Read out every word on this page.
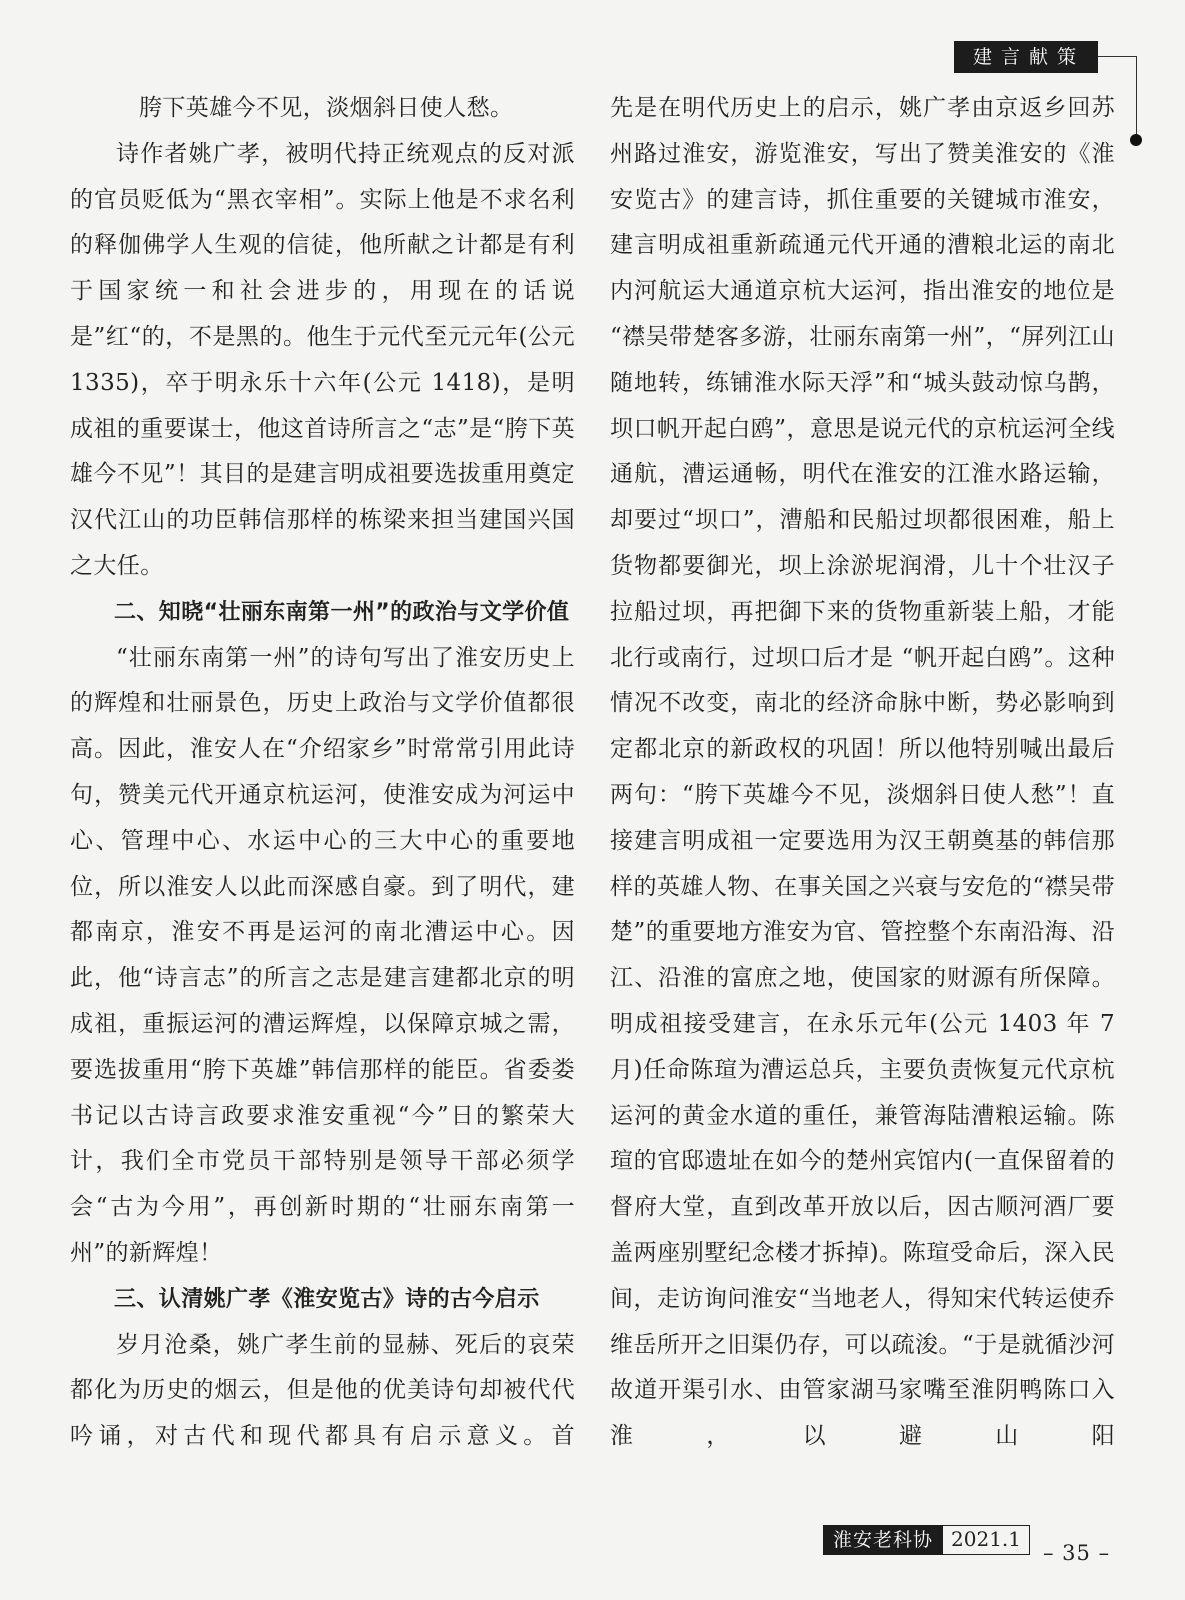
建言献策

胯下英雄今不见，淡烟斜日使人愁。

诗作者姚广孝，被明代持正统观点的反对派的官员贬低为“黑衣宰相”。实际上他是不求名利的释伽佛学人生观的信徒，他所献之计都是有利于国家统一和社会进步的，用现在的话说是”红“的，不是黑的。他生于元代至元元年(公元 1335)，卒于明永乐十六年(公元 1418)，是明成祖的重要谋士，他这首诗所言之“志”是“胯下英雄今不见”！其目的是建言明成祖要选拔重用奠定汉代江山的功臣韩信那样的栋梁来担当建国兴国之大任。

二、知晓“壮丽东南第一州”的政治与文学价值

“壮丽东南第一州”的诗句写出了淮安历史上的辉煌和壮丽景色，历史上政治与文学价值都很高。因此，淮安人在“介绍家乡”时常常引用此诗句，赞美元代开通京杭运河，使淮安成为河运中心、管理中心、水运中心的三大中心的重要地位，所以淮安人以此而深感自豪。到了明代，建都南京，淮安不再是运河的南北漕运中心。因此，他“诗言志”的所言之志是建言建都北京的明成祖，重振运河的漕运辉煌，以保障京城之需，要选拔重用“胯下英雄”韩信那样的能臣。省委娄书记以古诗言政要求淮安重视“今”日的繁荣大计，我们全市党员干部特别是领导干部必须学会“古为今用”，再创新时期的“壮丽东南第一州”的新辉煌！

三、认清姚广孝《淮安览古》诗的古今启示

岁月沧桑，姚广孝生前的显赫、死后的哀荣都化为历史的烟云，但是他的优美诗句却被代代吟诵，对古代和现代都具有启示意义。首

先是在明代历史上的启示，姚广孝由京返乡回苏州路过淮安，游览淮安，写出了赞美淮安的《淮安览古》的建言诗，抓住重要的关键城市淮安，建言明成祖重新疏通元代开通的漕粮北运的南北内河航运大通道京杭大运河，指出淮安的地位是 “襟吴带楚客多游，壮丽东南第一州”，“屏列江山随地转，练铺淮水际天浮”和“城头鼓动惊乌鹊，坝口帆开起白鸥”，意思是说元代的京杭运河全线通航，漕运通畅，明代在淮安的江淮水路运输，却要过“坝口”，漕船和民船过坝都很困难，船上货物都要御光，坝上涂淤坭润滑，儿十个壮汉子拉船过坝，再把御下来的货物重新装上船，才能北行或南行，过坝口后才是 “帆开起白鸥”。这种情况不改变，南北的经济命脉中断，势必影响到定都北京的新政权的巩固！所以他特别喊出最后两句：“胯下英雄今不见，淡烟斜日使人愁”！直接建言明成祖一定要选用为汉王朝奠基的韩信那样的英雄人物、在事关国之兴衰与安危的“襟吴带楚”的重要地方淮安为官、管控整个东南沿海、沿江、沿淮的富庶之地，使国家的财源有所保障。明成祖接受建言，在永乐元年(公元 1403 年 7 月)任命陈瑄为漕运总兵，主要负责恢复元代京杭运河的黄金水道的重任，兼管海陆漕粮运输。陈瑄的官邸遗址在如今的楚州宾馆内(一直保留着的督府大堂，直到改革开放以后，因古顺河酒厂要盖两座别墅纪念楼才拆掉)。陈瑄受命后，深入民间，走访询问淮安“当地老人，得知宋代转运使乔维岳所开之旧渠仍存，可以疏浚。“于是就循沙河故道开渠引水、由管家湖马家嘴至淮阴鸭陈口入淮，以避山阳

淮安老科协 2021.1
– 35 –
